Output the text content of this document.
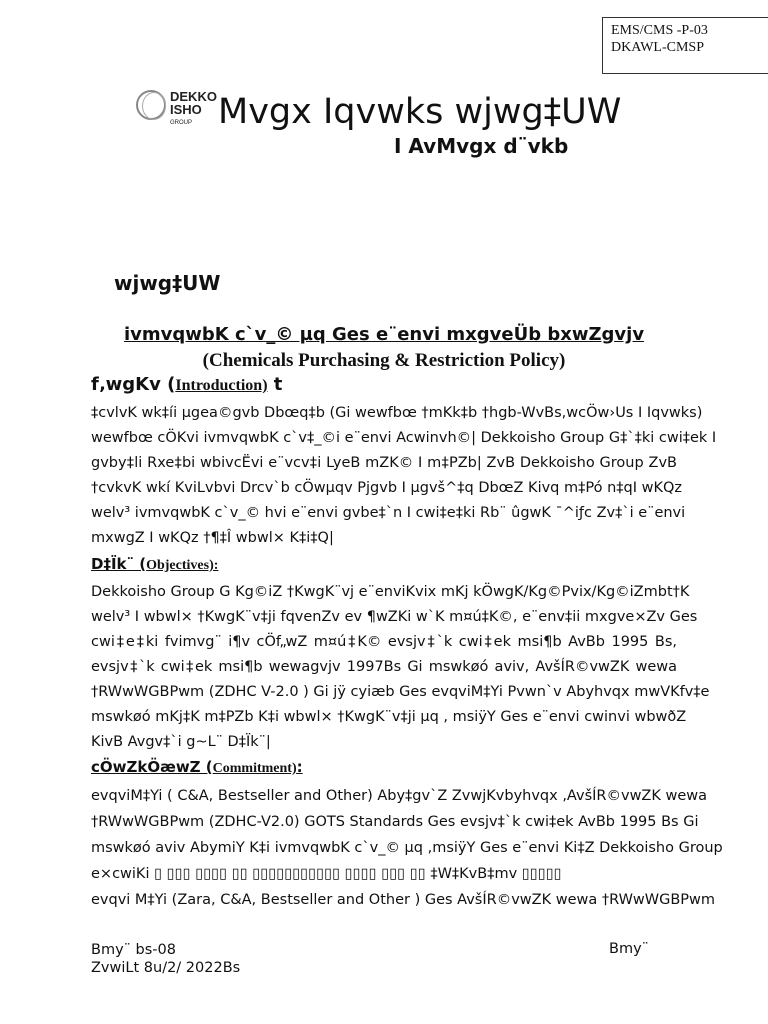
EMS/CMS -P-03
DKAWL-CMSP
DEKKO
ISHO
GROUP Mvgx Iqvwks wjwg‡UW
I AvMvgx d¨vkb
wjwg‡UW
ivmvqwbK c`v_© µq Ges e¨envi mxgveÜb bxwZgvjv
(Chemicals Purchasing & Restriction Policy)
f‚wgKv (Introduction) t
‡cvlvK wk‡íi µgea©gvb Dbœq‡b (Gi wewfbœ †mKk‡b †hgb-WvBs,wcÖw›Us I Iqvwks)
wewfbœ cÖKvi ivmvqwbK c`v‡_©i e¨envi Acwinvh©| Dekkoisho Group G‡`‡ki cwi‡ek I
gvby‡li Rxe‡bi wbivcËvi e¨vcv‡i LyeB mZK© I m‡PZb| ZvB Dekkoisho Group ZvB
†cvkvK wkí KviLvbvi Drcv`b cÖwµqv Pjgvb I µgvš^‡q DbœZ Kivq m‡Pó n‡qI wKQz
welv³ ivmvqwbK c`v_© hvi e¨envi gvbe‡`n I cwi‡e‡ki Rb¨ ûgwK ¯^iƒc Zv‡`i e¨envi
mxwgZ I wKQz †¶‡Î wbwl× K‡i‡Q|
D‡Ïk¨ (Objectives):
Dekkoisho Group G Kg©iZ †KwgK¨vj e¨enviKvix mKj kÖwgK/Kg©Pvix/Kg©iZmbt†K
welv³ I wbwl× †KwgK¨v‡ji fqvenZv ev ¶wZKi w`K m¤ú‡K©, e¨env‡ii mxgve×Zv Ges
cwi‡e‡ki fvimvg¨ i¶v cÖf„wZ m¤ú‡K© evsjv‡`k cwi‡ek msi¶b AvBb 1995 Bs,
evsjv‡`k cwi‡ek msi¶b wewagvjv 1997Bs Gi mswkøó aviv, AvšÍR©vwZK wewa
†RWwWGBPwm (ZDHC V-2.0 ) Gi jÿ cyiæb Ges evqviM‡Yi Pvwn`v Abyhvqx mwVKfv‡e
mswkøó mKj‡K m‡PZb K‡i wbwl× †KwgK¨v‡ji µq , msiÿY Ges e¨envi cwinvi wbwðZ
KivB Avgv‡`i g~L¨ D‡Ïk¨|
cÖwZkÖæwZ (Commitment):
evqviM‡Yi ( C&A, Bestseller and Other) Aby‡gv`Z ZvwjKvbyhvqx ,AvšÍR©vwZK wewa
†RWwWGBPwm (ZDHC-V2.0) GOTS Standards Ges evsjv‡`k cwi‡ek AvBb 1995 Bs Gi
mswkøó aviv AbymiY K‡i ivmvqwbK c`v_© µq ,msiÿY Ges e¨envi Ki‡Z Dekkoisho Group
e×cwiKi ▯ ▯▯▯ ▯▯▯▯ ▯▯ ▯▯▯▯▯▯▯▯▯▯▯ ▯▯▯▯ ▯▯▯ ▯▯ ‡W‡KvB‡mv ▯▯▯▯▯
evqvi M‡Yi (Zara, C&A, Bestseller and Other ) Ges AvšÍR©vwZK wewa †RWwWGBPwm
Bmy¨ bs-08
ZvwiLt 8u/2/ 2022Bs
Bmy¨
